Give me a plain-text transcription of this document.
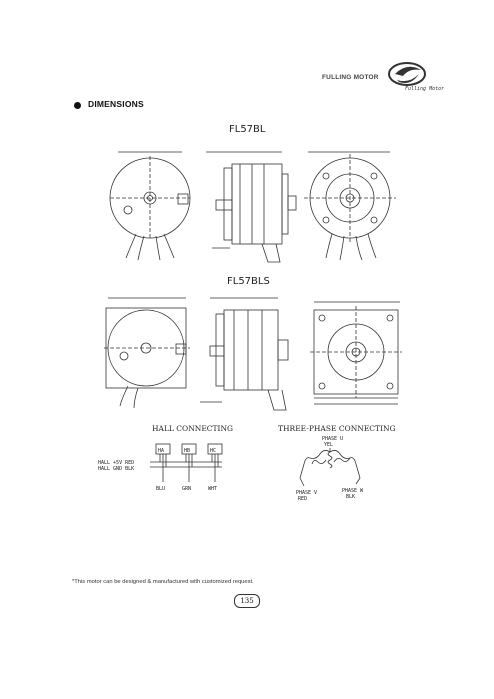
FULLING MOTOR
Fulling Motor
DIMENSIONS
FL57BL
FL57BLS
HALL CONNECTING
HA	HB	HC
HALL +5V RED
HALL GND BLK
BLU	GRN	WHT
THREE-PHASE CONNECTING
PHASE U
YEL
PHASE V
RED
PHASE W
BLK
*This motor can be designed & manufactured with customized request.
135
